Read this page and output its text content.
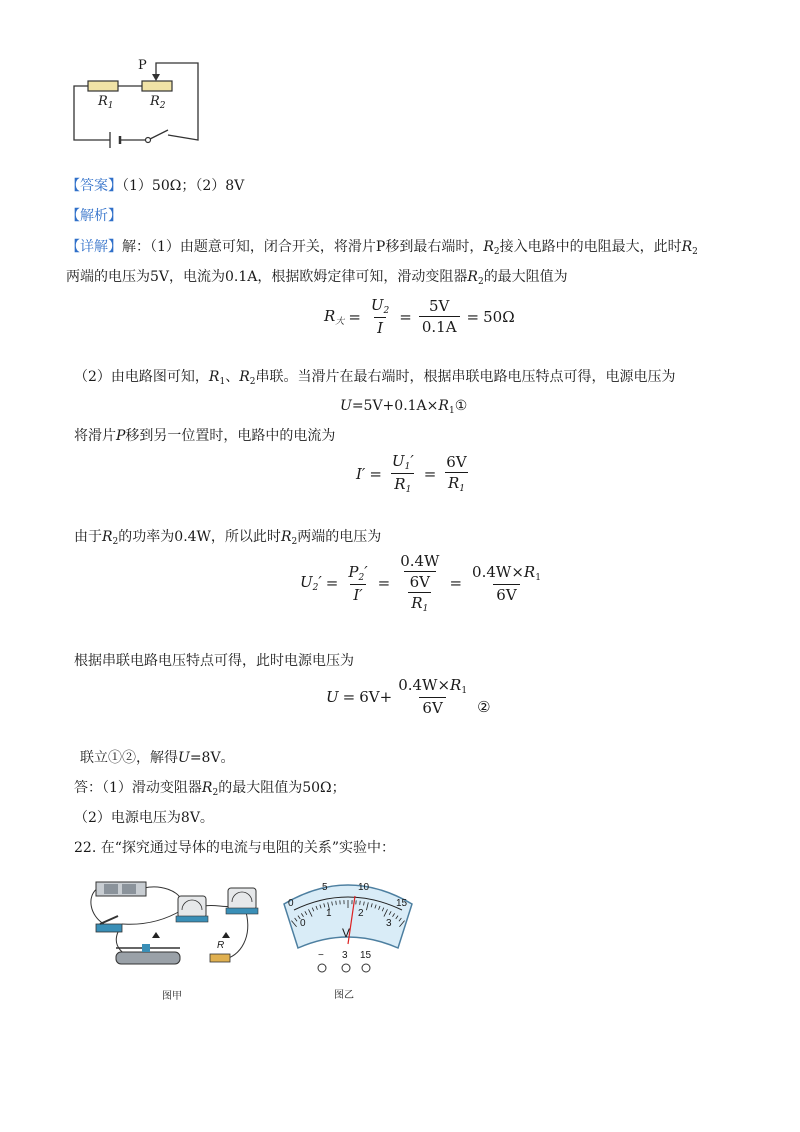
P
$R_1$	$R_2$
【答案】（1）50Ω；（2）8V
【解析】
【详解】解：（1）由题意可知，闭合开关，将滑片P移到最右端时，$R_2$接入电路中的电阻最大，此时$R_2$
两端的电压为5V，电流为0.1A，根据欧姆定律可知，滑动变阻器$R_2$的最大阻值为
$R_大 = \frac{U_2}{I} = \frac{5V}{0.1A} = 50\Omega$
（2）由电路图可知，$R_1$、$R_2$串联。当滑片在最右端时，根据串联电路电压特点可得，电源电压为
$U=5V+0.1A\times R_1①$
将滑片P移到另一位置时，电路中的电流为
$I' = \frac{U_1'}{R_1} = \frac{6V}{R_1}$
由于$R_2$的功率为0.4W，所以此时$R_2$两端的电压为
$U_2' = \frac{P_2'}{I'} = \frac{0.4W}{\frac{6V}{R_1}} = \frac{0.4W\times R_1}{6V}$
根据串联电路电压特点可得，此时电源电压为
$U = 6V+ \frac{0.4W\times R_1}{6V}$ ②
联立①②，解得U=8V。
答：（1）滑动变阻器$R_2$的最大阻值为50Ω；
（2）电源电压为8V。
22. 在“探究通过导体的电流与电阻的关系”实验中：
R
图甲
0
5	10
15
0
1	2
3
V
− 3 15
图乙
